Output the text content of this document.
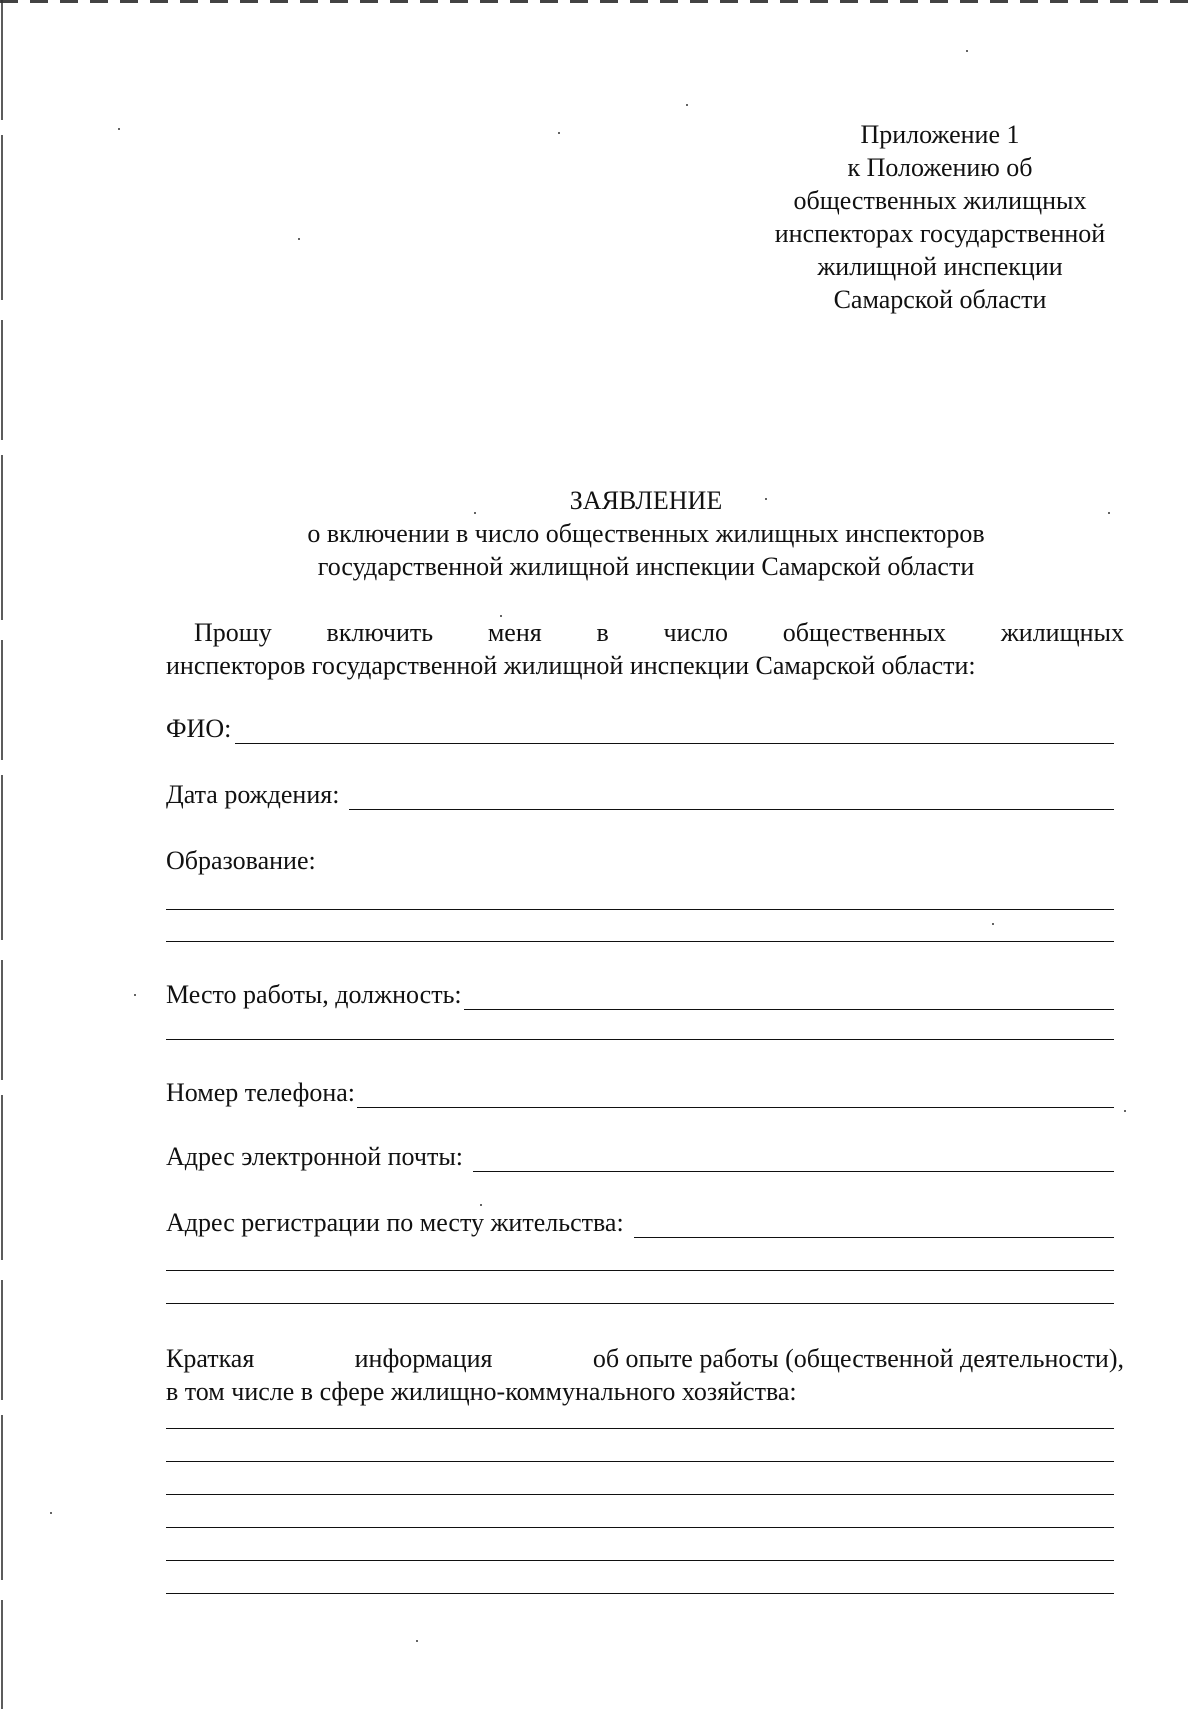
Приложение 1
к Положению об
общественных жилищных
инспекторах государственной
жилищной инспекции
Самарской области
ЗАЯВЛЕНИЕ
о включении в число общественных жилищных инспекторов
государственной жилищной инспекции Самарской области
Прошу включить меня в число общественных жилищных
инспекторов государственной жилищной инспекции Самарской области:
ФИО:
Дата рождения:
Образование:
Место работы, должность:
Номер телефона:
Адрес электронной почты:
Адрес регистрации по месту жительства:
Краткая	информация	об опыте работы (общественной деятельности),
в том числе в сфере жилищно-коммунального хозяйства:
